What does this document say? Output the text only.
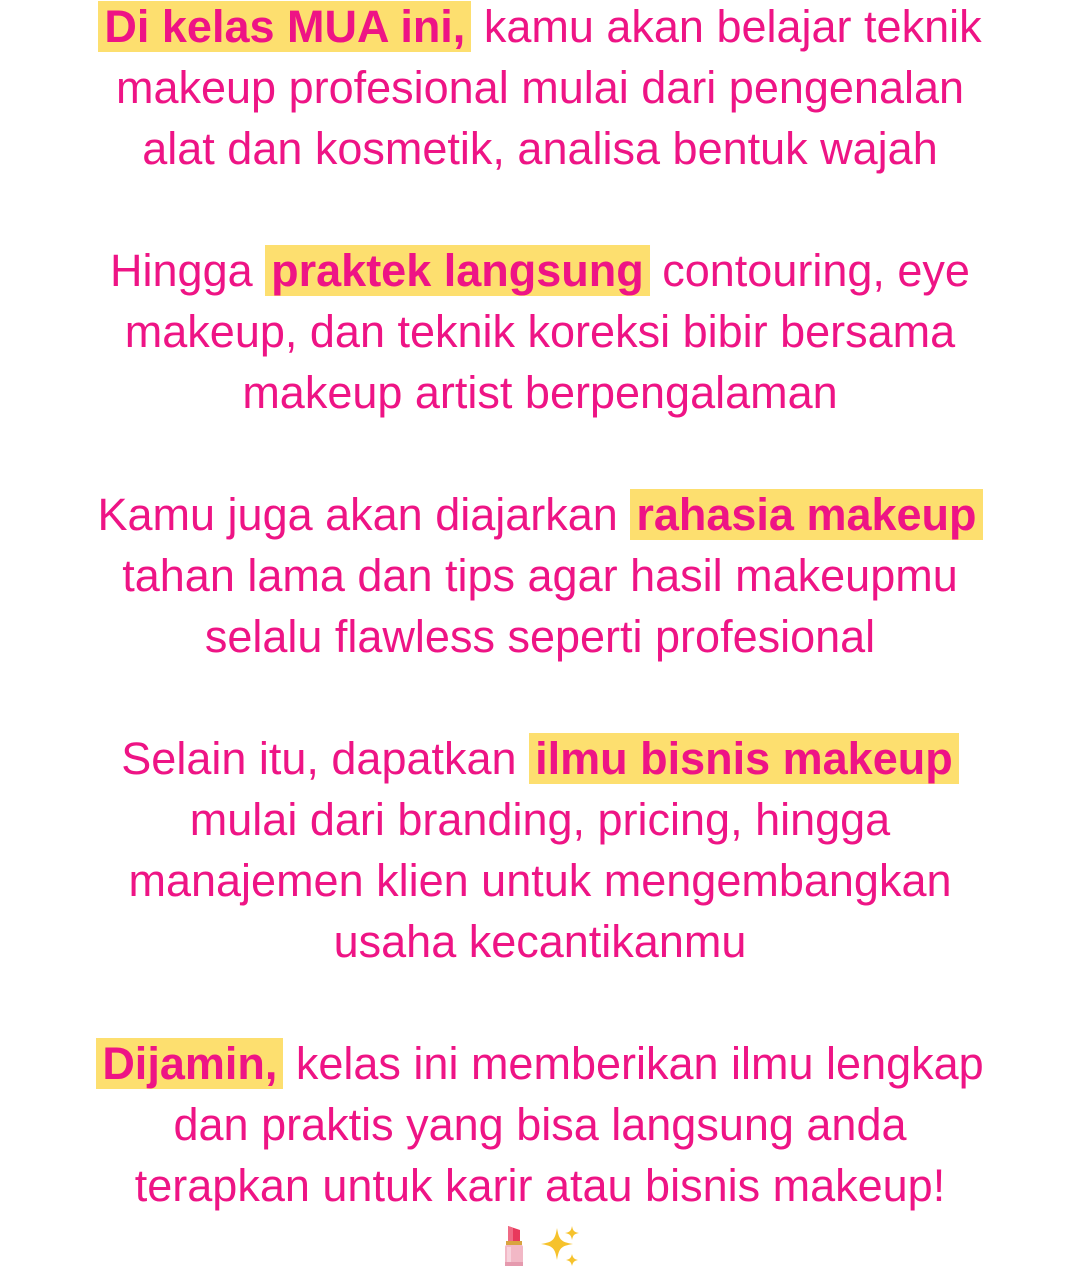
Di kelas MUA ini, kamu akan belajar teknik
makeup profesional mulai dari pengenalan
alat dan kosmetik, analisa bentuk wajah

Hingga praktek langsung contouring, eye
makeup, dan teknik koreksi bibir bersama
makeup artist berpengalaman

Kamu juga akan diajarkan rahasia makeup
tahan lama dan tips agar hasil makeupmu
selalu flawless seperti profesional

Selain itu, dapatkan ilmu bisnis makeup
mulai dari branding, pricing, hingga
manajemen klien untuk mengembangkan
usaha kecantikanmu

Dijamin, kelas ini memberikan ilmu lengkap
dan praktis yang bisa langsung anda
terapkan untuk karir atau bisnis makeup!
